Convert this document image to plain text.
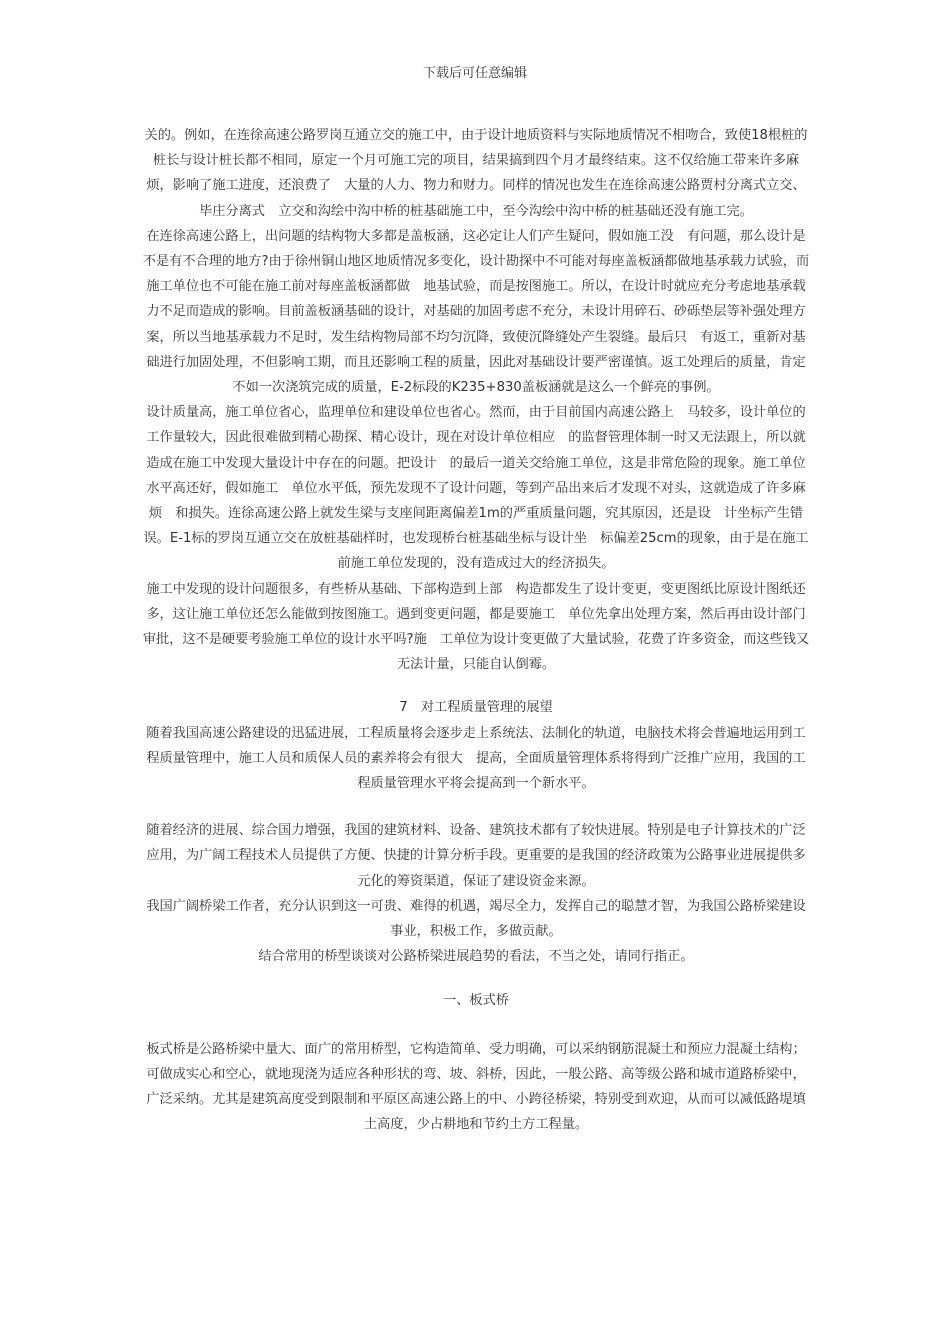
下载后可任意编辑

关的。例如，在连徐高速公路罗岗互通立交的施工中，由于设计地质资料与实际地质情况不相吻合，致使18根桩的桩长与设计桩长都不相同，原定一个月可施工完的项目，结果搞到四个月才最终结束。这不仅给施工带来许多麻烦，影响了施工进度，还浪费了　大量的人力、物力和财力。同样的情况也发生在连徐高速公路贾村分离式立交、毕庄分离式　立交和沟绘中沟中桥的桩基础施工中，至今沟绘中沟中桥的桩基础还没有施工完。

在连徐高速公路上，出问题的结构物大多都是盖板涵，这必定让人们产生疑问，假如施工没　有问题，那么设计是不是有不合理的地方?由于徐州铜山地区地质情况多变化，设计勘探中不可能对每座盖板涵都做地基承载力试验，而施工单位也不可能在施工前对每座盖板涵都做　地基试验，而是按图施工。所以，在设计时就应充分考虑地基承载力不足而造成的影响。目前盖板涵基础的设计，对基础的加固考虑不充分，未设计用碎石、砂砾垫层等补强处理方案，所以当地基承载力不足时，发生结构物局部不均匀沉降，致使沉降缝处产生裂缝。最后只　有返工，重新对基础进行加固处理，不但影响工期，而且还影响工程的质量，因此对基础设计要严密谨慎。返工处理后的质量，肯定不如一次浇筑完成的质量，E-2标段的K235+830盖板涵就是这么一个鲜亮的事例。

设计质量高，施工单位省心，监理单位和建设单位也省心。然而，由于目前国内高速公路上　马较多，设计单位的工作量较大，因此很难做到精心勘探、精心设计，现在对设计单位相应　的监督管理体制一时又无法跟上，所以就造成在施工中发现大量设计中存在的问题。把设计　的最后一道关交给施工单位，这是非常危险的现象。施工单位水平高还好，假如施工　单位水平低，预先发现不了设计问题，等到产品出来后才发现不对头，这就造成了许多麻烦　和损失。连徐高速公路上就发生梁与支座间距离偏差1m的严重质量问题，究其原因，还是设　计坐标产生错误。E-1标的罗岗互通立交在放桩基础样时，也发现桥台桩基础坐标与设计坐　标偏差25cm的现象，由于是在施工前施工单位发现的，没有造成过大的经济损失。

施工中发现的设计问题很多，有些桥从基础、下部构造到上部　构造都发生了设计变更，变更图纸比原设计图纸还多，这让施工单位还怎么能做到按图施工。遇到变更问题，都是要施工　单位先拿出处理方案，然后再由设计部门审批，这不是硬要考验施工单位的设计水平吗?施　工单位为设计变更做了大量试验，花费了许多资金，而这些钱又无法计量，只能自认倒霉。

7　对工程质量管理的展望

随着我国高速公路建设的迅猛进展，工程质量将会逐步走上系统法、法制化的轨道，电脑技术将会普遍地运用到工程质量管理中，施工人员和质保人员的素养将会有很大　提高，全面质量管理体系将得到广泛推广应用，我国的工程质量管理水平将会提高到一个新水平。

随着经济的进展、综合国力增强，我国的建筑材料、设备、建筑技术都有了较快进展。特别是电子计算技术的广泛应用，为广阔工程技术人员提供了方便、快捷的计算分析手段。更重要的是我国的经济政策为公路事业进展提供多元化的筹资渠道，保证了建设资金来源。

我国广阔桥梁工作者，充分认识到这一可贵、难得的机遇，竭尽全力，发挥自己的聪慧才智，为我国公路桥梁建设事业，积极工作，多做贡献。

结合常用的桥型谈谈对公路桥梁进展趋势的看法，不当之处，请同行指正。

一、板式桥

板式桥是公路桥梁中量大、面广的常用桥型，它构造简单、受力明确，可以采纳钢筋混凝土和预应力混凝土结构；可做成实心和空心，就地现浇为适应各种形状的弯、坡、斜桥，因此，一般公路、高等级公路和城市道路桥梁中，广泛采纳。尤其是建筑高度受到限制和平原区高速公路上的中、小跨径桥梁，特别受到欢迎，从而可以减低路堤填土高度，少占耕地和节约土方工程量。
